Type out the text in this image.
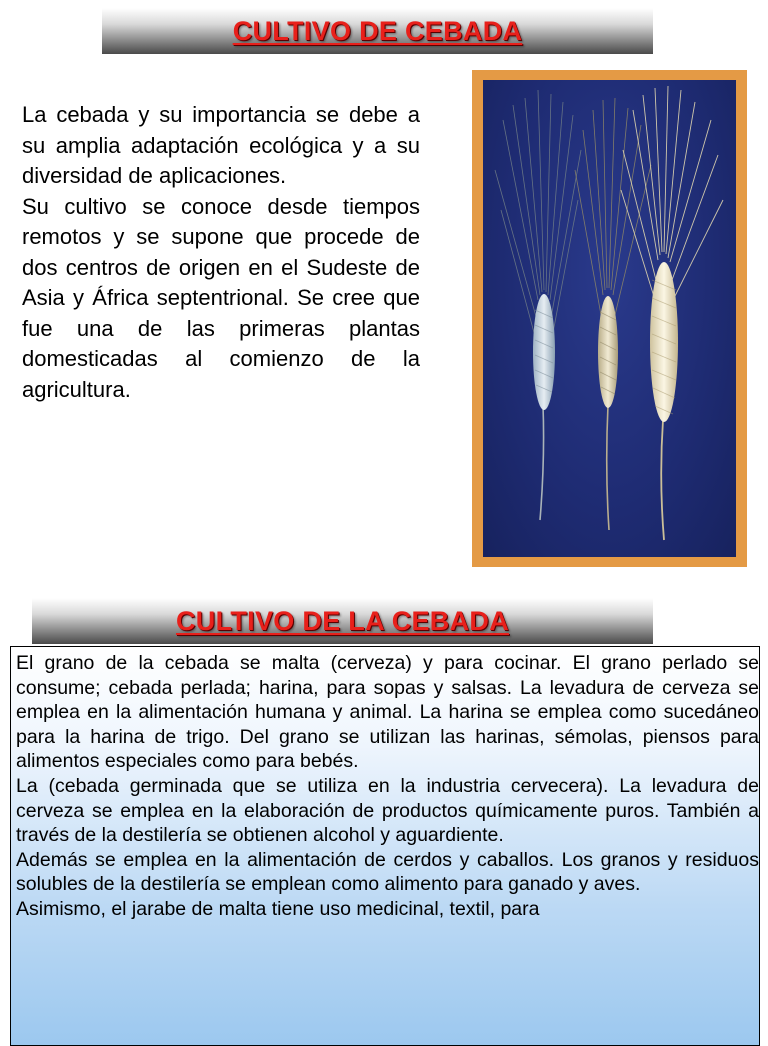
CULTIVO DE CEBADA

La cebada y su importancia se debe a su amplia adaptación ecológica y a su diversidad de aplicaciones.

Su cultivo se conoce desde tiempos remotos y se supone que procede de dos centros de origen en el Sudeste de Asia y África septentrional. Se cree que fue una de las primeras plantas domesticadas al comienzo de la agricultura.

CULTIVO DE LA CEBADA

El grano de la cebada se malta (cerveza) y para cocinar. El grano perlado se consume; cebada perlada; harina, para sopas y salsas. La levadura de cerveza se emplea en la alimentación humana y animal. La harina se emplea como sucedáneo para la harina de trigo. Del grano se utilizan las harinas, sémolas, piensos para alimentos especiales como para bebés.

La (cebada germinada que se utiliza en la industria cervecera). La levadura de cerveza se emplea en la elaboración de productos químicamente puros. También a través de la destilería se obtienen alcohol y aguardiente.

Además se emplea en la alimentación de cerdos y caballos. Los granos y residuos solubles de la destilería se emplean como alimento para ganado y aves.

Asimismo, el jarabe de malta tiene uso medicinal, textil, para
